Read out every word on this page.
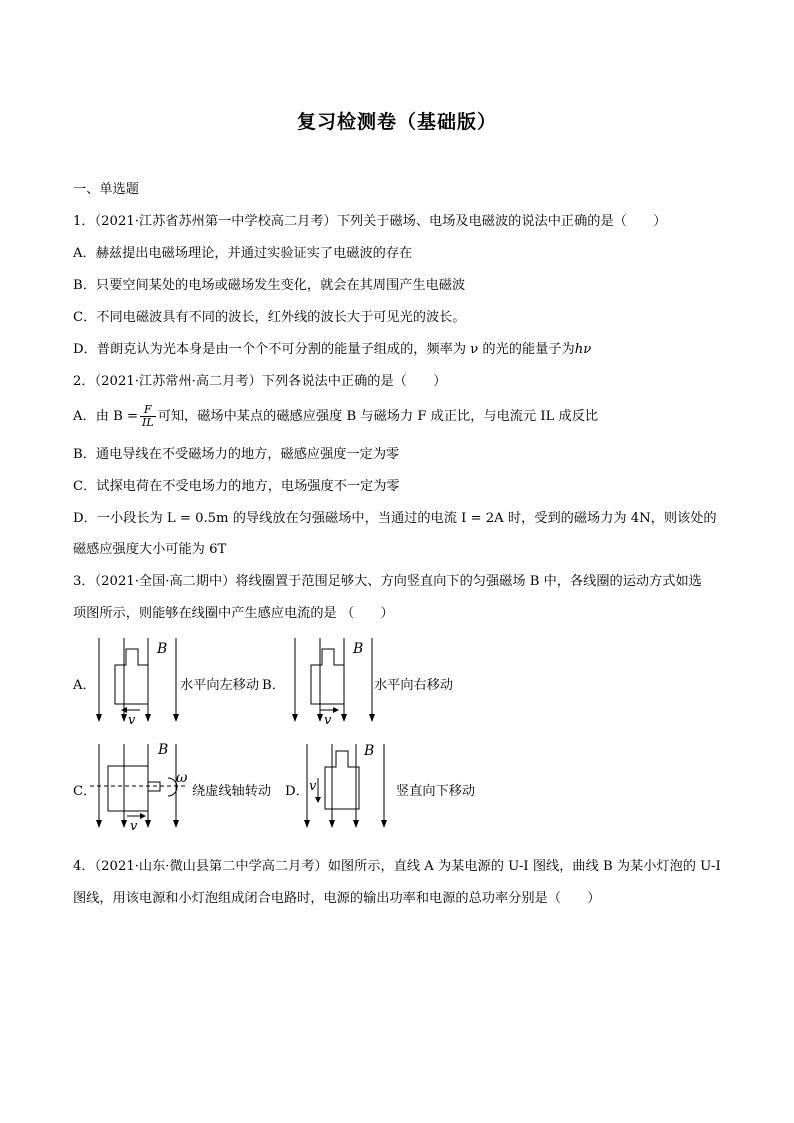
复习检测卷（基础版）
一、单选题
1．（2021·江苏省苏州第一中学校高二月考）下列关于磁场、电场及电磁波的说法中正确的是（　　）
A．赫兹提出电磁场理论，并通过实验证实了电磁波的存在
B．只要空间某处的电场或磁场发生变化，就会在其周围产生电磁波
C．不同电磁波具有不同的波长，红外线的波长大于可见光的波长。
D．普朗克认为光本身是由一个个不可分割的能量子组成的，频率为 ν 的光的能量子为hν
2．（2021·江苏常州·高二月考）下列各说法中正确的是（　　）
A．由 $B = \frac{F}{IL}$ 可知，磁场中某点的磁感应强度 B 与磁场力 F 成正比，与电流元 IL 成反比
B．通电导线在不受磁场力的地方，磁感应强度一定为零
C．试探电荷在不受电场力的地方，电场强度不一定为零
D．一小段长为 L = 0.5m 的导线放在匀强磁场中，当通过的电流 I = 2A 时，受到的磁场力为 4N，则该处的
磁感应强度大小可能为 6T
3．（2021·全国·高二期中）将线圈置于范围足够大、方向竖直向下的匀强磁场 B 中，各线圈的运动方式如选
项图所示，则能够在线圈中产生感应电流的是 （　　）
A．
B
v
水平向左移动 B．
B
v
水平向右移动
C．
B
ω
v
绕虚线轴转动 D．
B
v	竖直向下移动
4．（2021·山东·微山县第二中学高二月考）如图所示，直线 A 为某电源的 U-I 图线，曲线 B 为某小灯泡的 U-I
图线，用该电源和小灯泡组成闭合电路时，电源的输出功率和电源的总功率分别是（　　）
